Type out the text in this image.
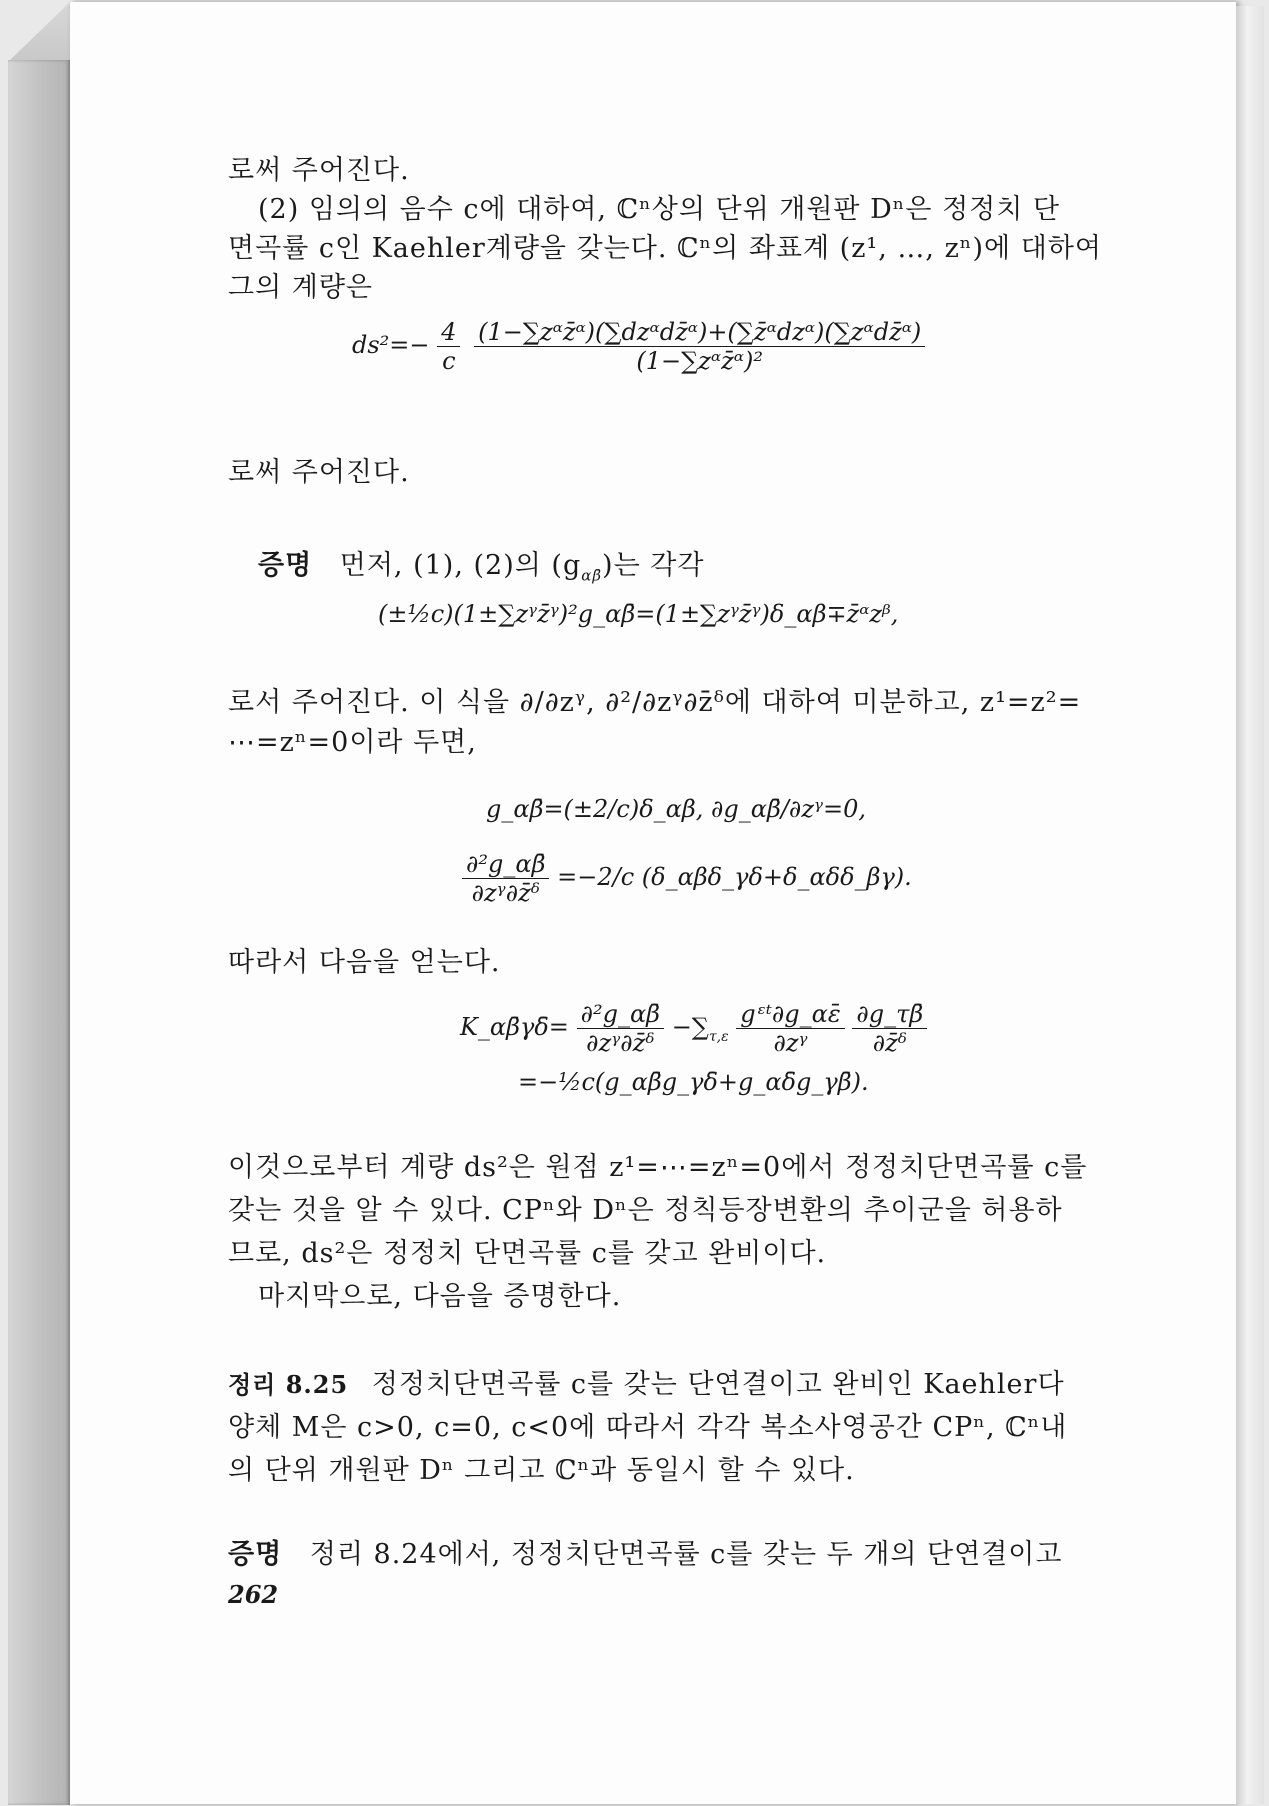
로써 주어진다.
(2) 임의의 음수 c에 대하여, ℂⁿ상의 단위 개원판 Dⁿ은 정정치 단
면곡률 c인 Kaehler계량을 갖는다. ℂⁿ의 좌표계 (z¹, …, zⁿ)에 대하여
그의 계량은
$ds^2=- \frac{4}{c}$
$\frac{\text{(1−∑zᵅz̄ᵅ)(∑dzᵅdz̄ᵅ)+(∑z̄ᵅdzᵅ)(∑zᵅdz̄ᵅ)}}{\text{(1−∑zᵅz̄ᵅ)²}}$
로써 주어진다.
증명 먼저, (1), (2)의 $(g_{\alpha\betā})$는 각각
(±½c)(1±∑zᵞz̄ᵞ)²g_αβ̄=(1±∑zᵞz̄ᵞ)δ_αβ∓z̄ᵅzᵝ,
로서 주어진다. 이 식을 ∂/∂zᵞ, ∂²/∂zᵞ∂z̄ᵟ에 대하여 미분하고, z¹=z²=
⋯=zⁿ=0이라 두면,
g_αβ̄=(±2/c)δ_αβ, ∂g_αβ̄/∂zᵞ=0,
$\frac{\text{∂²g\_αβ̄}}{\text{∂zᵞ∂z̄ᵟ}} =-2/c$ (δ_αβδ_γδ+δ_αδδ_βγ).
따라서 다음을 얻는다.
K_αβ̄γδ̄= $\frac{\text{∂²g\_αβ̄}}{\text{∂zᵞ∂z̄ᵟ}} -\sum_{\tau,\varepsilon} \frac{\text{gᵋᵗ∂g\_αε̄}}{\text{∂zᵞ}}$
$\frac{\partial g\_\tau\betā}{\text{∂z̄ᵟ}}$
=−½c(g_αβ̄g_γδ̄+g_αδ̄g_γβ̄).
이것으로부터 계량 ds²은 원점 z¹=⋯=zⁿ=0에서 정정치단면곡률 c를
갖는 것을 알 수 있다. CPⁿ와 Dⁿ은 정칙등장변환의 추이군을 허용하
므로, ds²은 정정치 단면곡률 c를 갖고 완비이다.
마지막으로, 다음을 증명한다.
정리 8.25 정정치단면곡률 c를 갖는 단연결이고 완비인 Kaehler다
양체 M은 c>0, c=0, c<0에 따라서 각각 복소사영공간 CPⁿ, ℂⁿ내
의 단위 개원판 Dⁿ 그리고 ℂⁿ과 동일시 할 수 있다.
증명 정리 8.24에서, 정정치단면곡률 c를 갖는 두 개의 단연결이고
262
